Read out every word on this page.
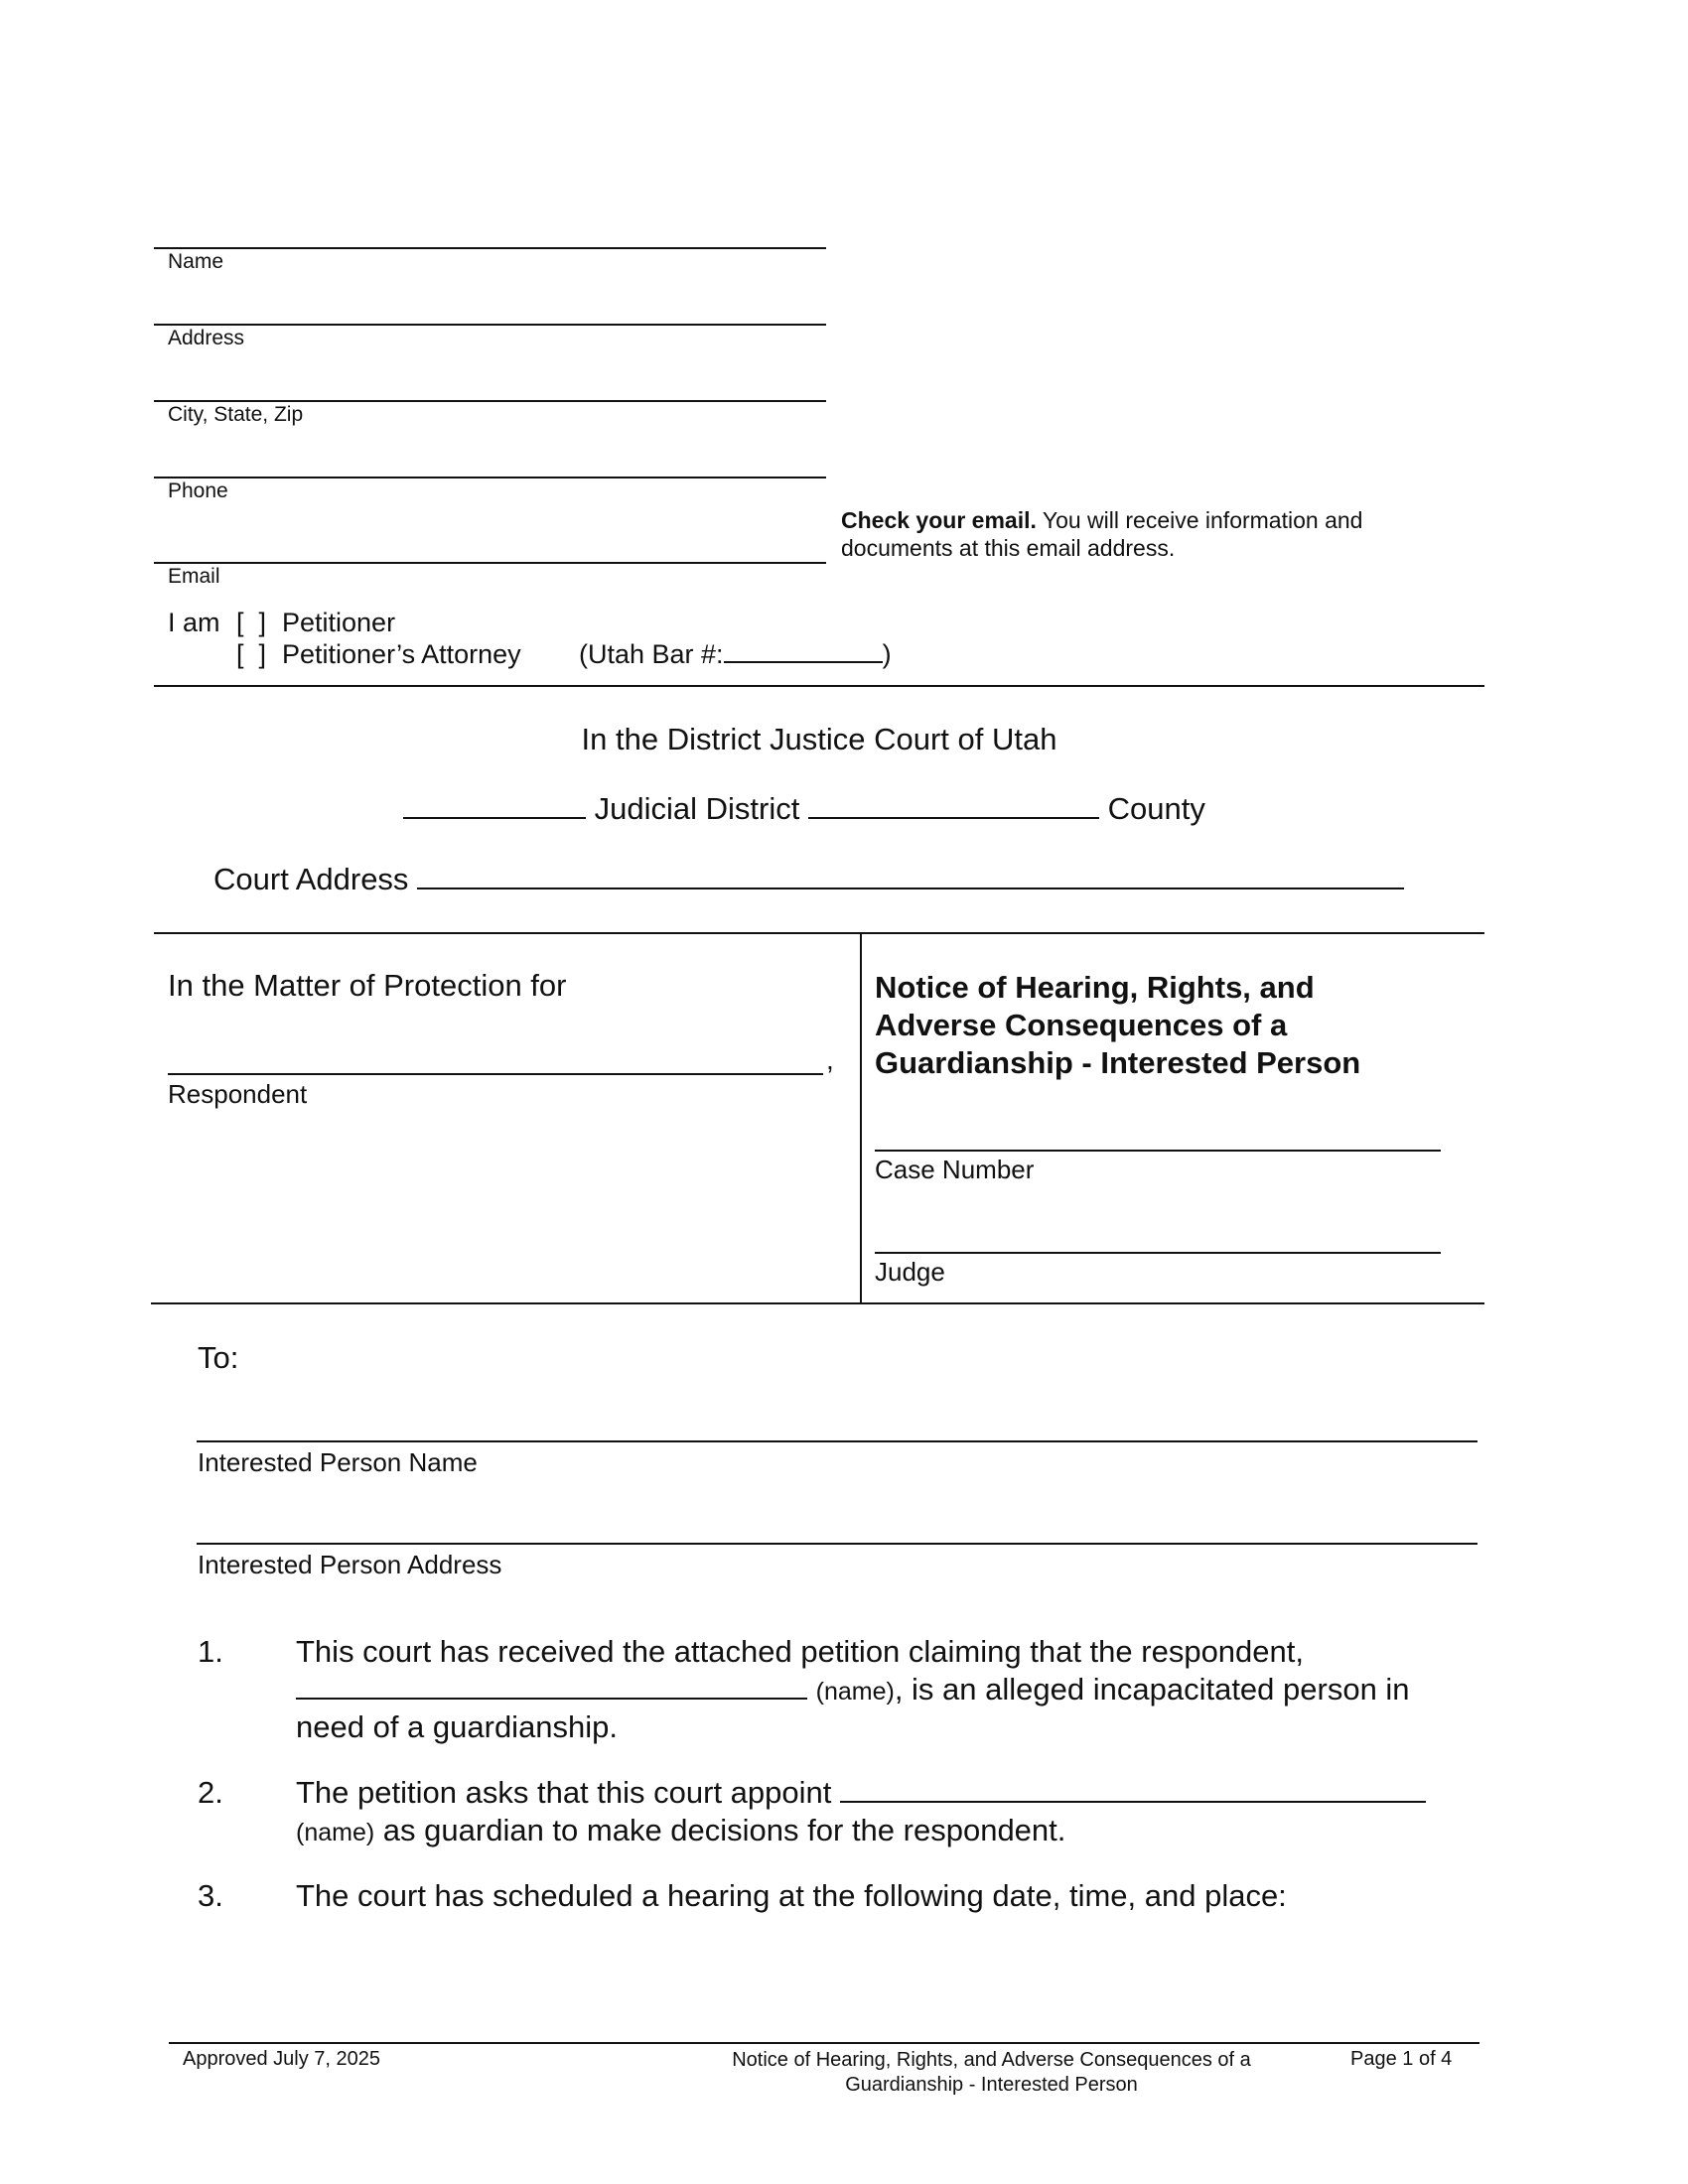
Name
Address
City, State, Zip
Phone
Email
Check your email. You will receive information and
documents at this email address.
I am [  ] Petitioner
[  ] Petitioner’s Attorney (Utah Bar #:	)
In the District Justice Court of Utah
Judicial District	County
Court Address
In the Matter of Protection for
,
Respondent
Notice of Hearing, Rights, and
Adverse Consequences of a
Guardianship - Interested Person
Case Number
Judge
To:
Interested Person Name
Interested Person Address
1. This court has received the attached petition claiming that the respondent,
(name), is an alleged incapacitated person in
need of a guardianship.
2. The petition asks that this court appoint
(name) as guardian to make decisions for the respondent.
3. The court has scheduled a hearing at the following date, time, and place:
Approved July 7, 2025	Notice of Hearing, Rights, and Adverse Consequences of a
Guardianship - Interested Person
Page 1 of 4
